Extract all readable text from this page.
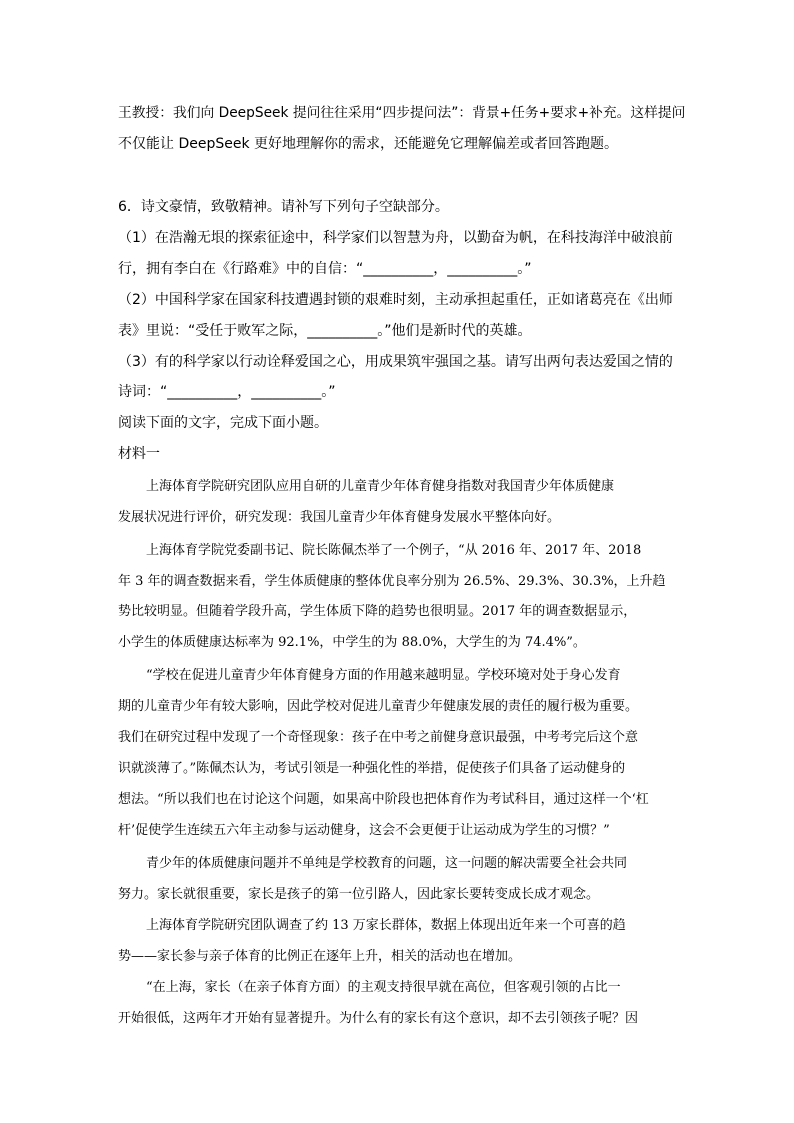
王教授：我们向 DeepSeek 提问往往采用“四步提问法”：背景+任务+要求+补充。这样提问
不仅能让 DeepSeek 更好地理解你的需求，还能避免它理解偏差或者回答跑题。
6．诗文豪情，致敬精神。请补写下列句子空缺部分。
（1）在浩瀚无垠的探索征途中，科学家们以智慧为舟，以勤奋为帆，在科技海洋中破浪前
行，拥有李白在《行路难》中的自信：“__________，__________。”
（2）中国科学家在国家科技遭遇封锁的艰难时刻，主动承担起重任，正如诸葛亮在《出师
表》里说：“受任于败军之际，__________。”他们是新时代的英雄。
（3）有的科学家以行动诠释爱国之心，用成果筑牢强国之基。请写出两句表达爱国之情的
诗词：“__________，__________。”
阅读下面的文字，完成下面小题。
材料一
上海体育学院研究团队应用自研的儿童青少年体育健身指数对我国青少年体质健康
发展状况进行评价，研究发现：我国儿童青少年体育健身发展水平整体向好。
上海体育学院党委副书记、院长陈佩杰举了一个例子，“从 2016 年、2017 年、2018
年 3 年的调查数据来看，学生体质健康的整体优良率分别为 26.5%、29.3%、30.3%，上升趋
势比较明显。但随着学段升高，学生体质下降的趋势也很明显。2017 年的调查数据显示，
小学生的体质健康达标率为 92.1%，中学生的为 88.0%，大学生的为 74.4%”。
“学校在促进儿童青少年体育健身方面的作用越来越明显。学校环境对处于身心发育
期的儿童青少年有较大影响，因此学校对促进儿童青少年健康发展的责任的履行极为重要。
我们在研究过程中发现了一个奇怪现象：孩子在中考之前健身意识最强，中考考完后这个意
识就淡薄了。”陈佩杰认为，考试引领是一种强化性的举措，促使孩子们具备了运动健身的
想法。“所以我们也在讨论这个问题，如果高中阶段也把体育作为考试科目，通过这样一个‘杠
杆’促使学生连续五六年主动参与运动健身，这会不会更便于让运动成为学生的习惯？”
青少年的体质健康问题并不单纯是学校教育的问题，这一问题的解决需要全社会共同
努力。家长就很重要，家长是孩子的第一位引路人，因此家长要转变成长成才观念。
上海体育学院研究团队调查了约 13 万家长群体，数据上体现出近年来一个可喜的趋
势——家长参与亲子体育的比例正在逐年上升，相关的活动也在增加。
“在上海，家长（在亲子体育方面）的主观支持很早就在高位，但客观引领的占比一
开始很低，这两年才开始有显著提升。为什么有的家长有这个意识，却不去引领孩子呢？因
